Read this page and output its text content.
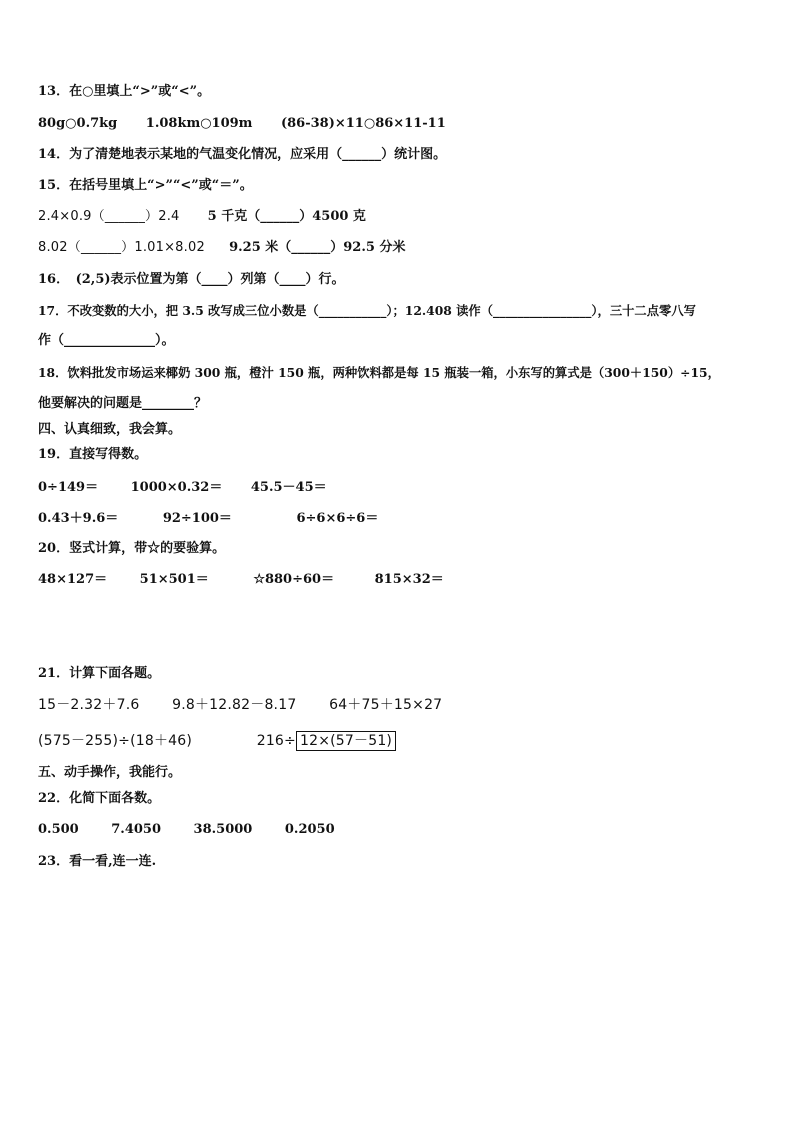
13．在○里填上“>”或“<”。
80g○0.7kg 1.08km○109m (86-38)×11○86×11-11
14．为了清楚地表示某地的气温变化情况，应采用（______）统计图。
15．在括号里填上“>”“<”或“＝”。
2.4×0.9（______）2.4 5 千克（______）4500 克
8.02（______）1.01×8.02 9.25 米（______）92.5 分米
16．　(2,5)表示位置为第（____）列第（____）行。
17．不改变数的大小，把 3.5 改写成三位小数是（___________）；12.408 读作（________________），三十二点零八写
作（______________）。
18．饮料批发市场运来椰奶 300 瓶，橙汁 150 瓶，两种饮料都是每 15 瓶装一箱，小东写的算式是（300＋150）÷15，
他要解决的问题是________？
四、认真细致，我会算。
19．直接写得数。
0÷149＝	1000×0.32＝ 45.5－45＝
0.43＋9.6＝	92÷100＝	6÷6×6÷6＝
20．竖式计算，带☆的要验算。
48×127＝	51×501＝	☆880÷60＝	815×32＝
21．计算下面各题。
15－2.32＋7.6 9.8＋12.82－8.17 64＋75＋15×27
(575－255)÷(18＋46)	216÷ 12×(57－51)
五、动手操作，我能行。
22．化简下面各数。
0.500	7.4050	38.5000	0.2050
23．看一看,连一连.
